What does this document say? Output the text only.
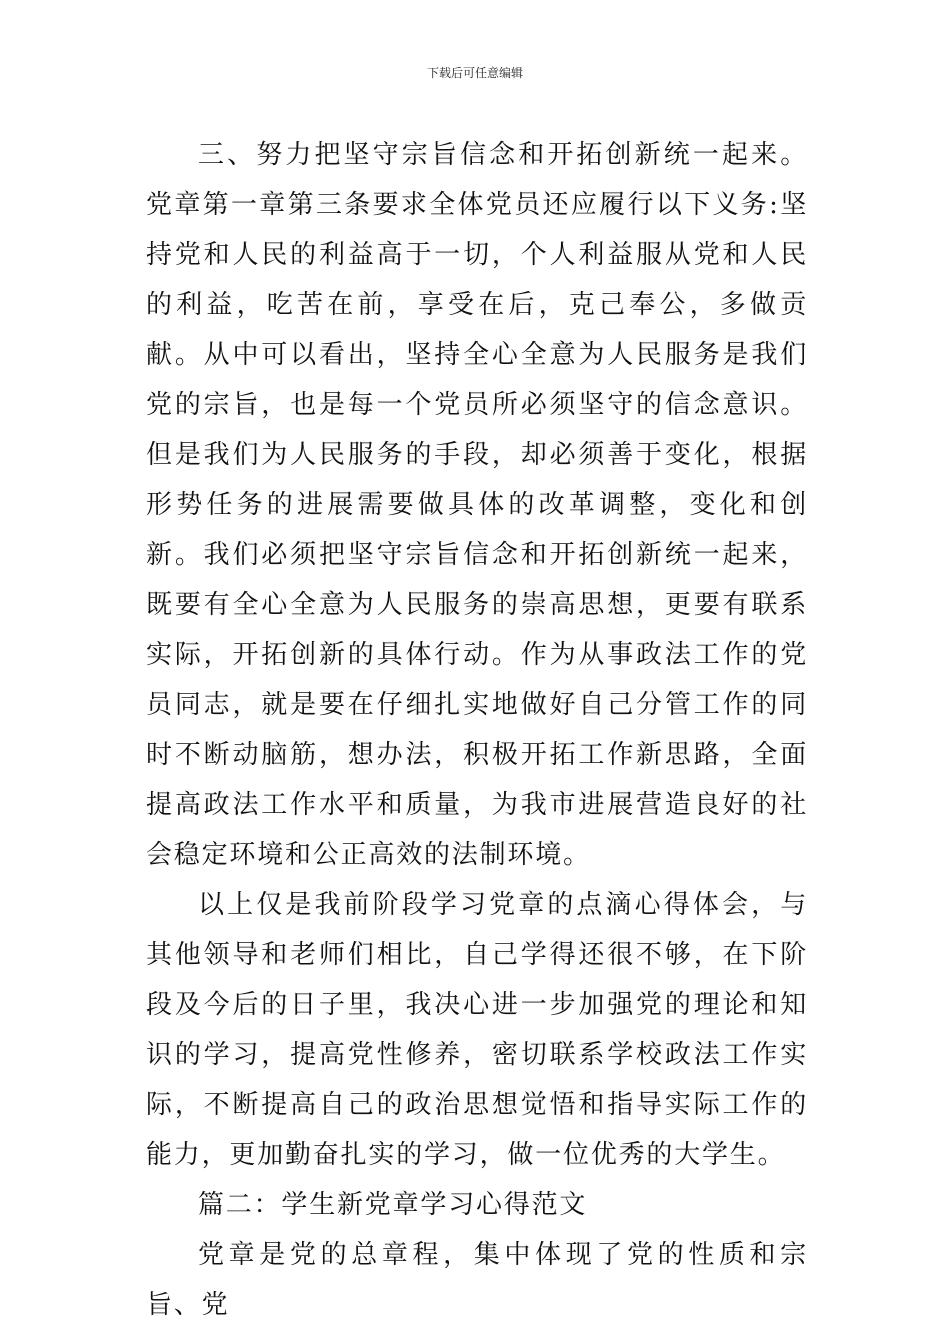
下载后可任意编辑

三、努力把坚守宗旨信念和开拓创新统一起来。党章第一章第三条要求全体党员还应履行以下义务:坚持党和人民的利益高于一切，个人利益服从党和人民的利益，吃苦在前，享受在后，克己奉公，多做贡献。从中可以看出，坚持全心全意为人民服务是我们党的宗旨，也是每一个党员所必须坚守的信念意识。但是我们为人民服务的手段，却必须善于变化，根据形势任务的进展需要做具体的改革调整，变化和创新。我们必须把坚守宗旨信念和开拓创新统一起来，既要有全心全意为人民服务的崇高思想，更要有联系实际，开拓创新的具体行动。作为从事政法工作的党员同志，就是要在仔细扎实地做好自己分管工作的同时不断动脑筋，想办法，积极开拓工作新思路，全面提高政法工作水平和质量，为我市进展营造良好的社会稳定环境和公正高效的法制环境。

以上仅是我前阶段学习党章的点滴心得体会，与其他领导和老师们相比，自己学得还很不够，在下阶段及今后的日子里，我决心进一步加强党的理论和知识的学习，提高党性修养，密切联系学校政法工作实际，不断提高自己的政治思想觉悟和指导实际工作的能力，更加勤奋扎实的学习，做一位优秀的大学生。

篇二：学生新党章学习心得范文

党章是党的总章程，集中体现了党的性质和宗旨、党
